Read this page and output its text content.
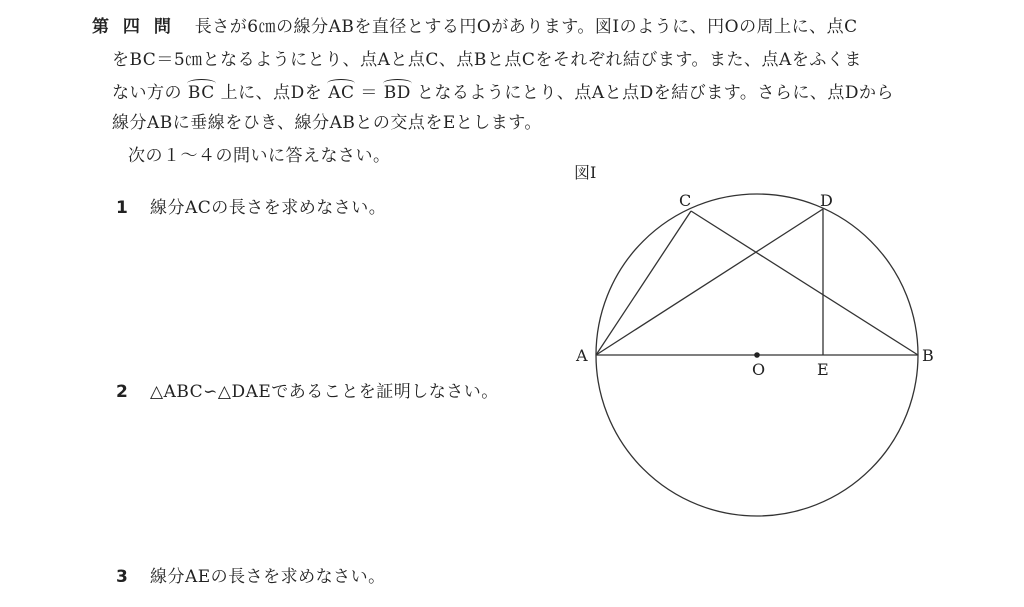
第 四 問 長さが6㎝の線分ABを直径とする円Oがあります。図Ⅰのように、円Oの周上に、点C
をBC＝5㎝となるようにとり、点Aと点C、点Bと点Cをそれぞれ結びます。また、点Aをふくま
ない方の BC 上に、点Dを AC ＝ BD となるようにとり、点Aと点Dを結びます。さらに、点Dから
線分ABに垂線をひき、線分ABとの交点をEとします。
次の１～４の問いに答えなさい。
1 線分ACの長さを求めなさい。
2 △ABC∽△DAEであることを証明しなさい。
3 線分AEの長さを求めなさい。
図Ⅰ
C	D
A	B
O	E
